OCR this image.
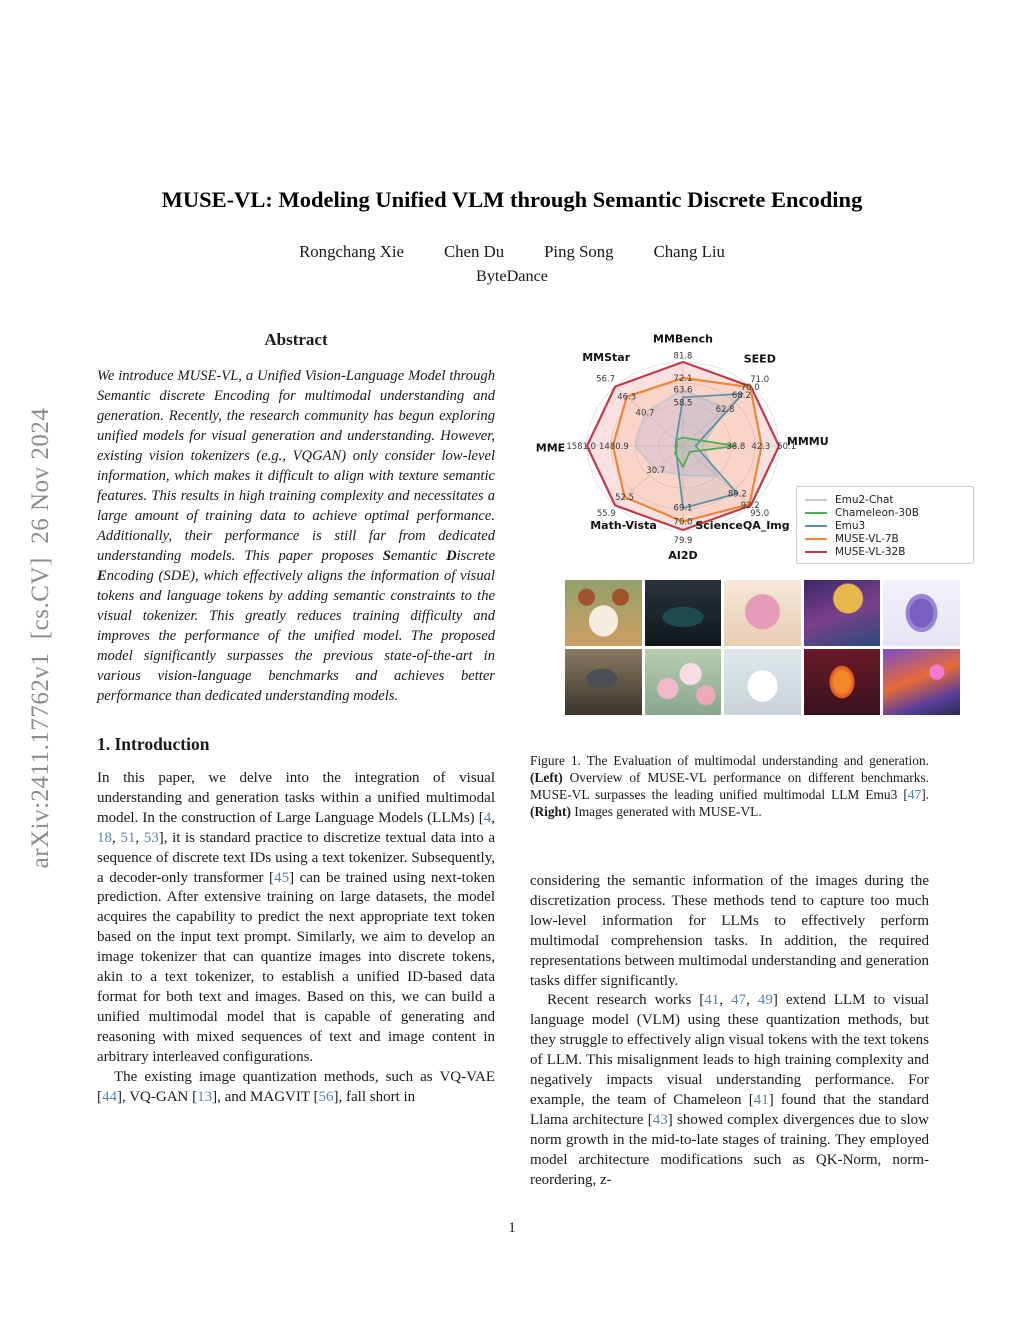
arXiv:2411.17762v1  [cs.CV]  26 Nov 2024
MUSE-VL: Modeling Unified VLM through Semantic Discrete Encoding
Rongchang Xie Chen Du Ping Song Chang Liu
ByteDance
Abstract

We introduce MUSE-VL, a Unified Vision-Language Model through Semantic discrete Encoding for multimodal understanding and generation. Recently, the research community has begun exploring unified models for visual generation and understanding. However, existing vision tokenizers (e.g., VQGAN) only consider low-level information, which makes it difficult to align with texture semantic features. This results in high training complexity and necessitates a large amount of training data to achieve optimal performance. Additionally, their performance is still far from dedicated understanding models. This paper proposes Semantic Discrete Encoding (SDE), which effectively aligns the information of visual tokens and language tokens by adding semantic constraints to the visual tokenizer. This greatly reduces training difficulty and improves the performance of the unified model. The proposed model significantly surpasses the previous state-of-the-art in various vision-language benchmarks and achieves better performance than dedicated understanding models.

1. Introduction

In this paper, we delve into the integration of visual understanding and generation tasks within a unified multimodal model. In the construction of Large Language Models (LLMs) [4, 18, 51, 53], it is standard practice to discretize textual data into a sequence of discrete text IDs using a text tokenizer. Subsequently, a decoder-only transformer [45] can be trained using next-token prediction. After extensive training on large datasets, the model acquires the capability to predict the next appropriate text token based on the input text prompt. Similarly, we aim to develop an image tokenizer that can quantize images into discrete tokens, akin to a text tokenizer, to establish a unified ID-based data format for both text and images. Based on this, we can build a unified multimodal model that is capable of generating and reasoning with mixed sequences of text and image content in arbitrary interleaved configurations.

The existing image quantization methods, such as VQ-VAE [44], VQ-GAN [13], and MAGVIT [56], fall short in

81.8
72.1
63.6
58.5
MMBench
71.0
70.0
68.2
62.8
SEED
50.1
42.3
38.8	MMMU
95.0
92.2
89.2
ScienceQA_Img
79.9
70.0
69.1
AI2D
55.9
52.5
30.7
Math-Vista
1581.0 1480.9
MME
56.7
46.3
40.7
MMStar
Emu2-Chat
Chameleon-30B
Emu3
MUSE-VL-7B
MUSE-VL-32B
Figure 1. The Evaluation of multimodal understanding and generation. (Left) Overview of MUSE-VL performance on different benchmarks. MUSE-VL surpasses the leading unified multimodal LLM Emu3 [47]. (Right) Images generated with MUSE-VL.

considering the semantic information of the images during the discretization process. These methods tend to capture too much low-level information for LLMs to effectively perform multimodal comprehension tasks. In addition, the required representations between multimodal understanding and generation tasks differ significantly.

Recent research works [41, 47, 49] extend LLM to visual language model (VLM) using these quantization methods, but they struggle to effectively align visual tokens with the text tokens of LLM. This misalignment leads to high training complexity and negatively impacts visual understanding performance. For example, the team of Chameleon [41] found that the standard Llama architecture [43] showed complex divergences due to slow norm growth in the mid-to-late stages of training. They employed model architecture modifications such as QK-Norm, norm-reordering, z-

1
